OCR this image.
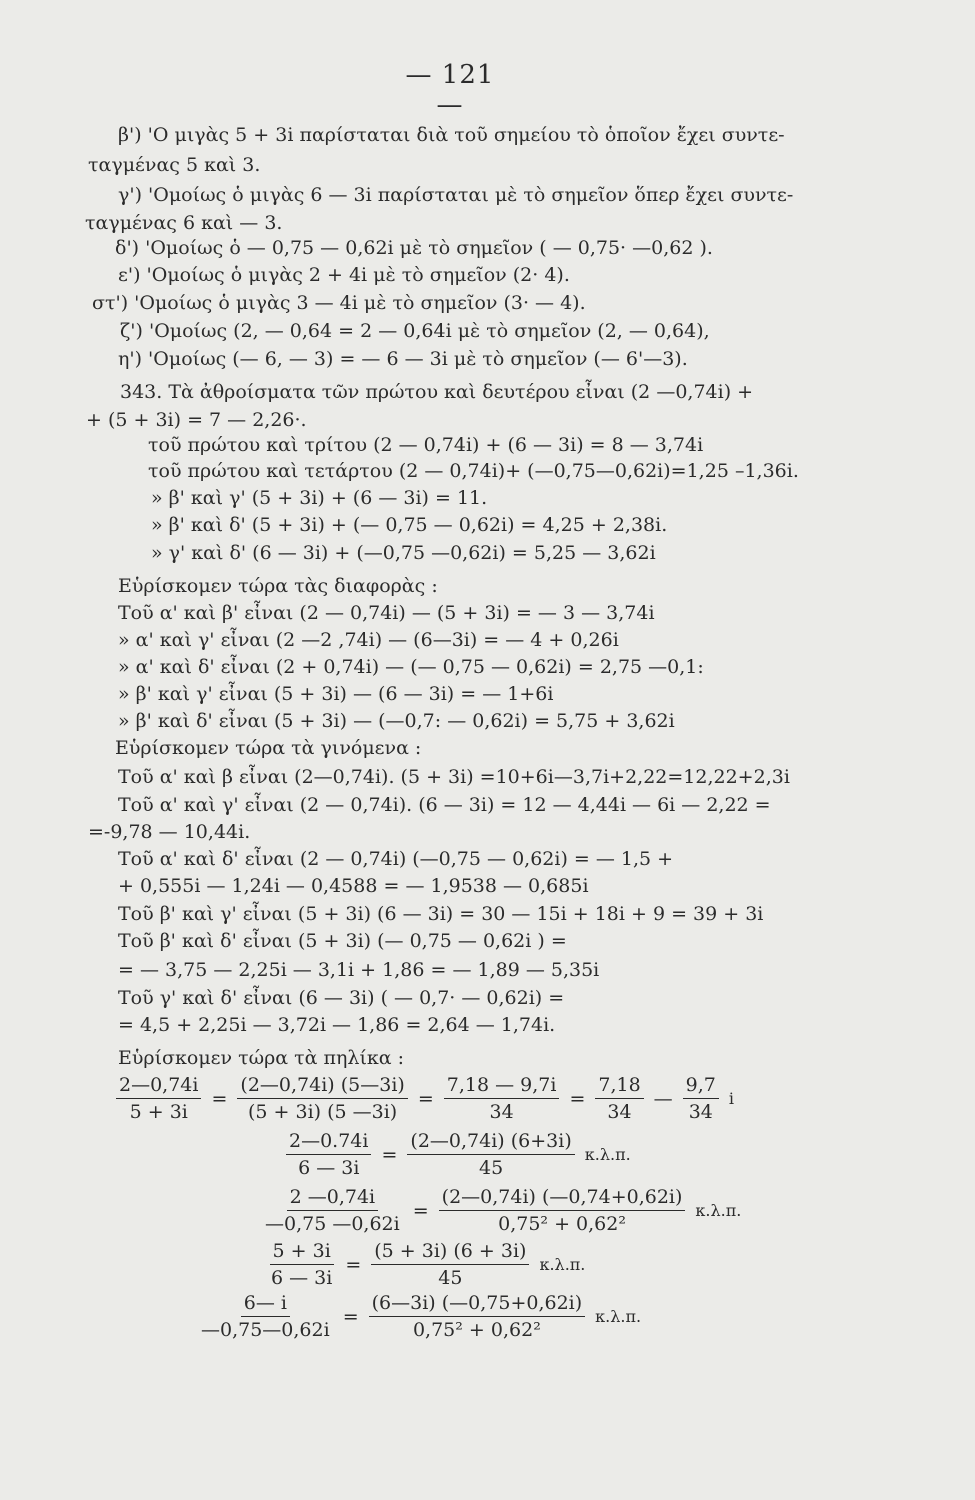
— 121 —
β') 'Ο μιγὰς 5 + 3i παρίσταται διὰ τοῦ σημείου τὸ ὁποῖον ἔχει συντε-
ταγμένας 5 καὶ 3.
γ') 'Ομοίως ὁ μιγὰς 6 — 3i παρίσταται μὲ τὸ σημεῖον ὅπερ ἔχει συντε-
ταγμένας 6 καὶ — 3.
δ') 'Ομοίως ὁ — 0,75 — 0,62i μὲ τὸ σημεῖον ( — 0,75· —0,62 ).
ε') 'Ομοίως ὁ μιγὰς 2 + 4i μὲ τὸ σημεῖον (2· 4).
στ') 'Ομοίως ὁ μιγὰς 3 — 4i μὲ τὸ σημεῖον (3· — 4).
ζ') 'Ομοίως (2, — 0,64 = 2 — 0,64i μὲ τὸ σημεῖον (2, — 0,64),
η') 'Ομοίως (— 6, — 3) = — 6 — 3i μὲ τὸ σημεῖον (— 6'—3).
343. Τὰ ἀθροίσματα τῶν πρώτου καὶ δευτέρου εἶναι (2 —0,74i) +
+ (5 + 3i) = 7 — 2,26·.
τοῦ πρώτου καὶ τρίτου (2 — 0,74i) + (6 — 3i) = 8 — 3,74i
τοῦ πρώτου καὶ τετάρτου (2 — 0,74i)+ (—0,75—0,62i)=1,25 –1,36i.
» β' καὶ γ' (5 + 3i) + (6 — 3i) = 11.
» β' καὶ δ' (5 + 3i) + (— 0,75 — 0,62i) = 4,25 + 2,38i.
» γ' καὶ δ' (6 — 3i) + (—0,75 —0,62i) = 5,25 — 3,62i
Εὑρίσκομεν τώρα τὰς διαφορὰς :
Τοῦ α' καὶ β' εἶναι (2 — 0,74i) — (5 + 3i) = — 3 — 3,74i
» α' καὶ γ' εἶναι (2 —2 ,74i) — (6—3i) = — 4 + 0,26i
» α' καὶ δ' εἶναι (2 + 0,74i) — (— 0,75 — 0,62i) = 2,75 —0,1:
» β' καὶ γ' εἶναι (5 + 3i) — (6 — 3i) = — 1+6i
» β' καὶ δ' εἶναι (5 + 3i) — (—0,7: — 0,62i) = 5,75 + 3,62i
Εὑρίσκομεν τώρα τὰ γινόμενα :
Τοῦ α' καὶ β εἶναι (2—0,74i). (5 + 3i) =10+6i—3,7i+2,22=12,22+2,3i
Τοῦ α' καὶ γ' εἶναι (2 — 0,74i). (6 — 3i) = 12 — 4,44i — 6i — 2,22 =
=-9,78 — 10,44i.
Τοῦ α' καὶ δ' εἶναι (2 — 0,74i) (—0,75 — 0,62i) = — 1,5 +
+ 0,555i — 1,24i — 0,4588 = — 1,9538 — 0,685i
Τοῦ β' καὶ γ' εἶναι (5 + 3i) (6 — 3i) = 30 — 15i + 18i + 9 = 39 + 3i
Τοῦ β' καὶ δ' εἶναι (5 + 3i) (— 0,75 — 0,62i ) =
= — 3,75 — 2,25i — 3,1i + 1,86 = — 1,89 — 5,35i
Τοῦ γ' καὶ δ' εἶναι (6 — 3i) ( — 0,7· — 0,62i) =
= 4,5 + 2,25i — 3,72i — 1,86 = 2,64 — 1,74i.
Εὑρίσκομεν τώρα τὰ πηλίκα :
$\frac{2—0,74i}{5 + 3i} = \frac{(2—0,74i) (5—3i)}{(5 + 3i) (5 —3i)} = \frac{7,18 — 9,7i}{34} = \frac{7,18}{34}$ — $\frac{9,7}{34}$ i
$\frac{2—0.74i}{6 — 3i} = \frac{(2—0,74i) (6+3i)}{45} \kappa.\lambda.\pi$.
$\frac{2 —0,74i}{—0,75 —0,62i} = \frac{(2—0,74i) (—0,74+0,62i)}{\text{0,75² + 0,62²}} \kappa.\lambda.\pi$.
$\frac{5 + 3i}{6 — 3i} = \frac{(5 + 3i) (6 + 3i)}{45} \kappa.\lambda.\pi$.
$\frac{6— i}{—0,75—0,62i} = \frac{(6—3i) (—0,75+0,62i)}{\text{0,75² + 0,62²}} \kappa.\lambda.\pi$.
